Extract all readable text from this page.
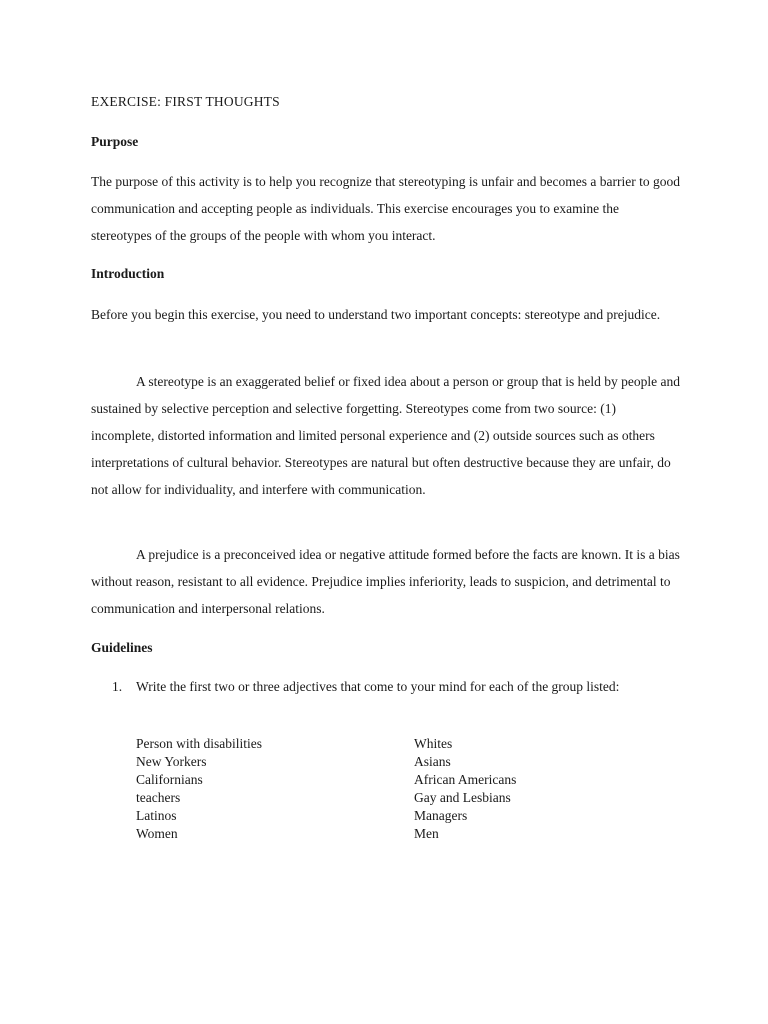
EXERCISE: FIRST THOUGHTS
Purpose

The purpose of this activity is to help you recognize that stereotyping is unfair and becomes a barrier to good communication and accepting people as individuals. This exercise encourages you to examine the stereotypes of the groups of the people with whom you interact.

Introduction

Before you begin this exercise, you need to understand two important concepts: stereotype and prejudice.

A stereotype is an exaggerated belief or fixed idea about a person or group that is held by people and sustained by selective perception and selective forgetting. Stereotypes come from two source: (1) incomplete, distorted information and limited personal experience and (2) outside sources such as others interpretations of cultural behavior. Stereotypes are natural but often destructive because they are unfair, do not allow for individuality, and interfere with communication.

A prejudice is a preconceived idea or negative attitude formed before the facts are known. It is a bias without reason, resistant to all evidence. Prejudice implies inferiority, leads to suspicion, and detrimental to communication and interpersonal relations.

Guidelines
1. Write the first two or three adjectives that come to your mind for each of the group listed:
Person with disabilities
New Yorkers
Californians
teachers
Latinos
Women
Whites
Asians
African Americans
Gay and Lesbians
Managers
Men
